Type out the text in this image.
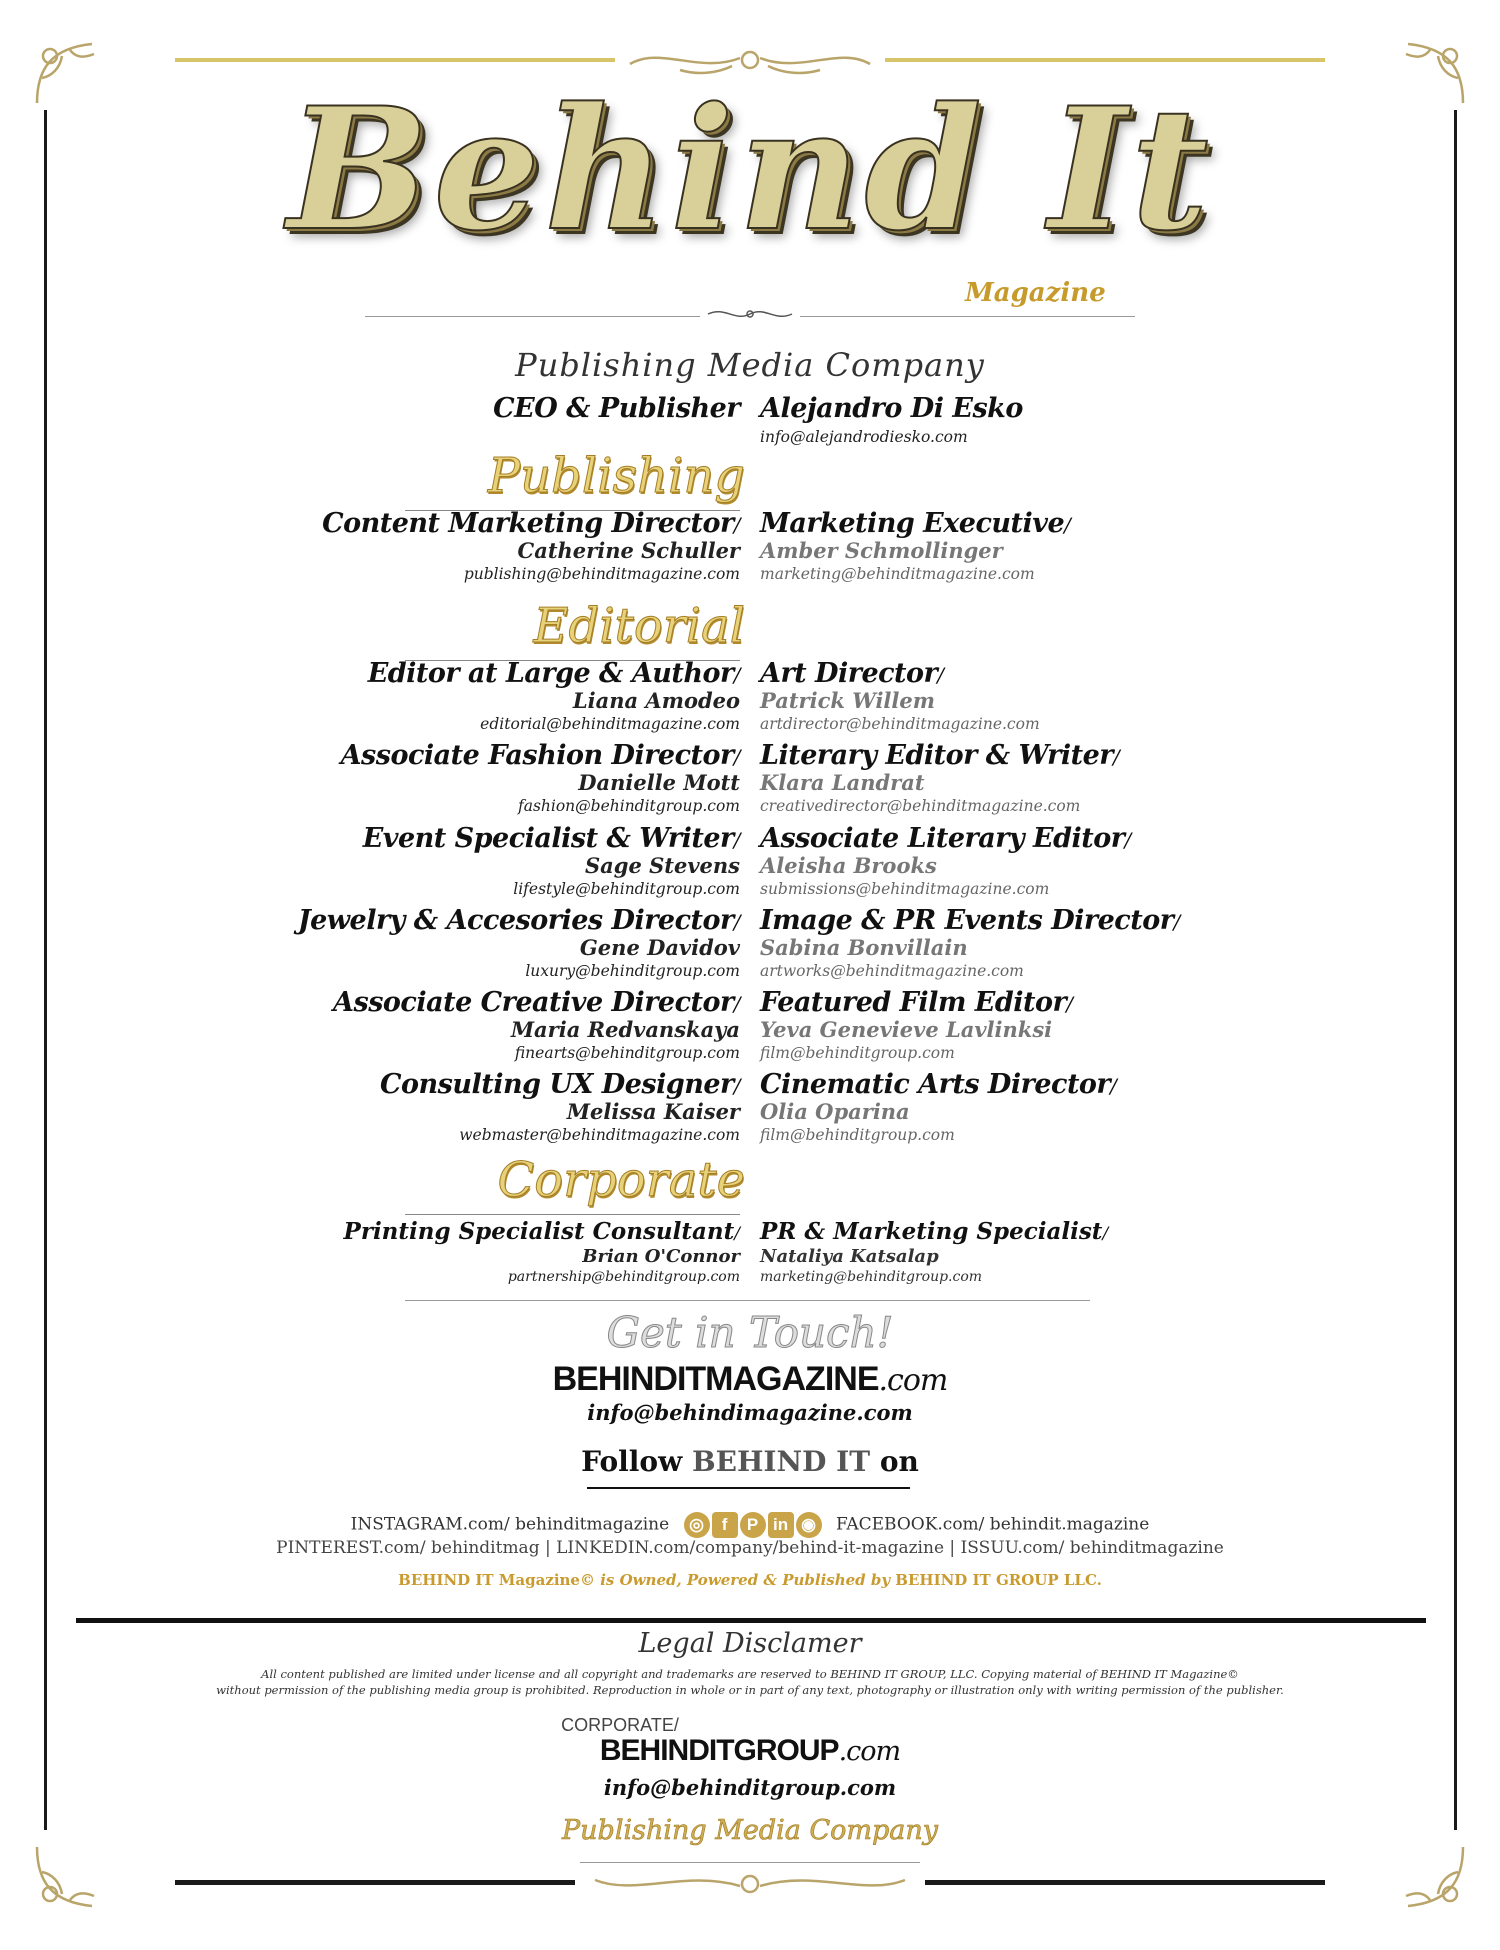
Behind It
Magazine
Publishing Media Company
CEO & Publisher Alejandro Di Esko
info@alejandrodiesko.com
Publishing
Content Marketing Director/
Catherine Schuller
publishing@behinditmagazine.com
Marketing Executive/
Amber Schmollinger
marketing@behinditmagazine.com
Editorial
Editor at Large & Author/
Liana Amodeo
editorial@behinditmagazine.com
Art Director/
Patrick Willem
artdirector@behinditmagazine.com
Associate Fashion Director/
Danielle Mott
fashion@behinditgroup.com
Literary Editor & Writer/
Klara Landrat
creativedirector@behinditmagazine.com
Event Specialist & Writer/
Sage Stevens
lifestyle@behinditgroup.com
Associate Literary Editor/
Aleisha Brooks
submissions@behinditmagazine.com
Jewelry & Accesories Director/
Gene Davidov
luxury@behinditgroup.com
Image & PR Events Director/
Sabina Bonvillain
artworks@behinditmagazine.com
Associate Creative Director/
Maria Redvanskaya
finearts@behinditgroup.com
Featured Film Editor/
Yeva Genevieve Lavlinksi
film@behinditgroup.com
Consulting UX Designer/
Melissa Kaiser
webmaster@behinditmagazine.com
Cinematic Arts Director/
Olia Oparina
film@behinditgroup.com
Corporate
Printing Specialist Consultant/
Brian O'Connor
partnership@behinditgroup.com
PR & Marketing Specialist/
Nataliya Katsalap
marketing@behinditgroup.com
Get in Touch!
BEHINDITMAGAZINE.com
info@behindimagazine.com
Follow BEHIND IT on
INSTAGRAM.com/ behinditmagazine ◎ f P in ◉ FACEBOOK.com/ behindit.magazine
PINTEREST.com/ behinditmag | LINKEDIN.com/company/behind-it-magazine | ISSUU.com/ behinditmagazine
BEHIND IT Magazine© is Owned, Powered & Published by BEHIND IT GROUP LLC.
Legal Disclamer
All content published are limited under license and all copyright and trademarks are reserved to BEHIND IT GROUP, LLC. Copying material of BEHIND IT Magazine©
without permission of the publishing media group is prohibited. Reproduction in whole or in part of any text, photography or illustration only with writing permission of the publisher.
CORPORATE/
BEHINDITGROUP.com
info@behinditgroup.com
Publishing Media Company
